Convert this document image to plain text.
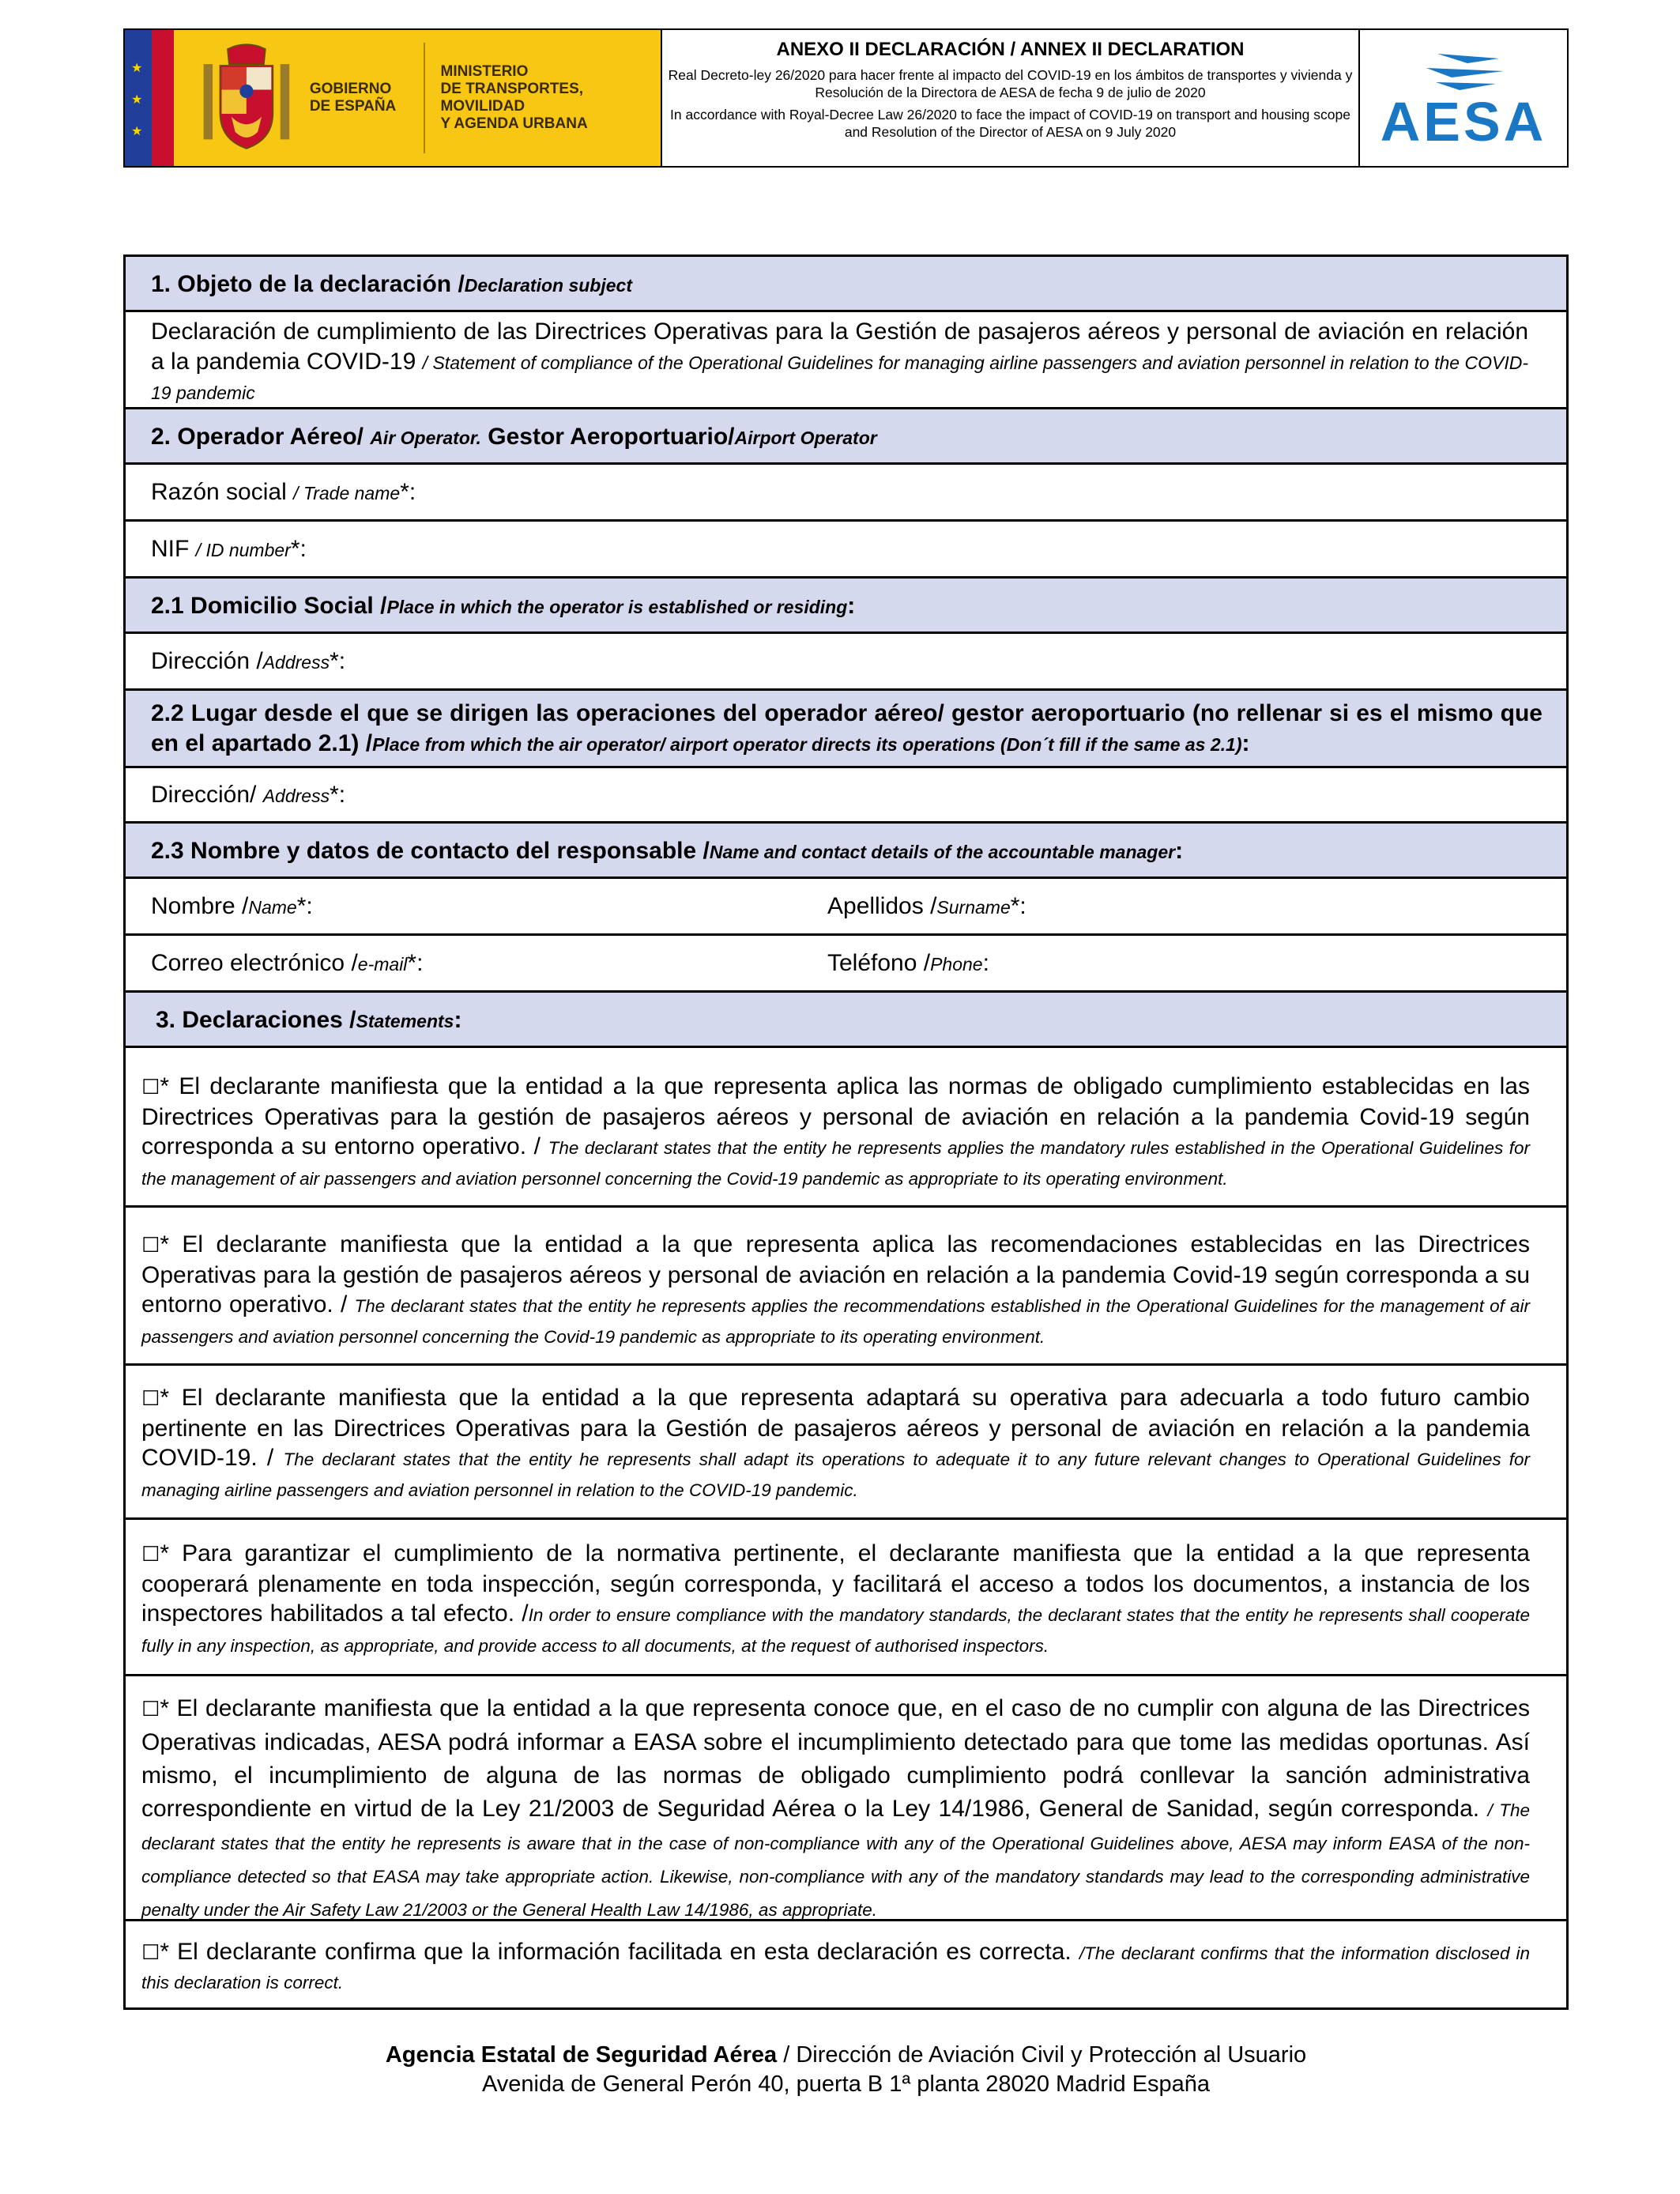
★
★
★
GOBIERNO
DE ESPAÑA
MINISTERIO
DE TRANSPORTES, MOVILIDAD
Y AGENDA URBANA
ANEXO II DECLARACIÓN / ANNEX II DECLARATION
Real Decreto-ley 26/2020 para hacer frente al impacto del COVID-19 en los ámbitos de transportes y vivienda y Resolución de la Directora de AESA de fecha 9 de julio de 2020
In accordance with Royal-Decree Law 26/2020 to face the impact of COVID-19 on transport and housing scope and Resolution of the Director of AESA on 9 July 2020	AESA
1. Objeto de la declaración /Declaration subject
Declaración de cumplimiento de las Directrices Operativas para la Gestión de pasajeros aéreos y personal de aviación en relación a la pandemia COVID-19 / Statement of compliance of the Operational Guidelines for managing airline passengers and aviation personnel in relation to the COVID-19 pandemic
2. Operador Aéreo/ Air Operator. Gestor Aeroportuario/Airport Operator
Razón social / Trade name*:
NIF / ID number*:
2.1 Domicilio Social /Place in which the operator is established or residing:
Dirección /Address*:
2.2 Lugar desde el que se dirigen las operaciones del operador aéreo/ gestor aeroportuario (no rellenar si es el mismo que en el apartado 2.1) /Place from which the air operator/ airport operator directs its operations (Don´t fill if the same as 2.1):
Dirección/ Address*:
2.3 Nombre y datos de contacto del responsable /Name and contact details of the accountable manager:
Nombre /Name*:	Apellidos /Surname*:
Correo electrónico /e-mail*:	Teléfono /Phone:
3. Declaraciones /Statements:
☐* El declarante manifiesta que la entidad a la que representa aplica las normas de obligado cumplimiento establecidas en las Directrices Operativas para la gestión de pasajeros aéreos y personal de aviación en relación a la pandemia Covid-19 según corresponda a su entorno operativo. / The declarant states that the entity he represents applies the mandatory rules established in the Operational Guidelines for the management of air passengers and aviation personnel concerning the Covid-19 pandemic as appropriate to its operating environment.
☐* El declarante manifiesta que la entidad a la que representa aplica las recomendaciones establecidas en las Directrices Operativas para la gestión de pasajeros aéreos y personal de aviación en relación a la pandemia Covid-19 según corresponda a su entorno operativo. / The declarant states that the entity he represents applies the recommendations established in the Operational Guidelines for the management of air passengers and aviation personnel concerning the Covid-19 pandemic as appropriate to its operating environment.
☐* El declarante manifiesta que la entidad a la que representa adaptará su operativa para adecuarla a todo futuro cambio pertinente en las Directrices Operativas para la Gestión de pasajeros aéreos y personal de aviación en relación a la pandemia COVID-19. / The declarant states that the entity he represents shall adapt its operations to adequate it to any future relevant changes to Operational Guidelines for managing airline passengers and aviation personnel in relation to the COVID-19 pandemic.
☐* Para garantizar el cumplimiento de la normativa pertinente, el declarante manifiesta que la entidad a la que representa cooperará plenamente en toda inspección, según corresponda, y facilitará el acceso a todos los documentos, a instancia de los inspectores habilitados a tal efecto. /In order to ensure compliance with the mandatory standards, the declarant states that the entity he represents shall cooperate fully in any inspection, as appropriate, and provide access to all documents, at the request of authorised inspectors.
☐* El declarante manifiesta que la entidad a la que representa conoce que, en el caso de no cumplir con alguna de las Directrices Operativas indicadas, AESA podrá informar a EASA sobre el incumplimiento detectado para que tome las medidas oportunas. Así mismo, el incumplimiento de alguna de las normas de obligado cumplimiento podrá conllevar la sanción administrativa correspondiente en virtud de la Ley 21/2003 de Seguridad Aérea o la Ley 14/1986, General de Sanidad, según corresponda. / The declarant states that the entity he represents is aware that in the case of non-compliance with any of the Operational Guidelines above, AESA may inform EASA of the non-compliance detected so that EASA may take appropriate action. Likewise, non-compliance with any of the mandatory standards may lead to the corresponding administrative penalty under the Air Safety Law 21/2003 or the General Health Law 14/1986, as appropriate.
☐* El declarante confirma que la información facilitada en esta declaración es correcta. /The declarant confirms that the information disclosed in this declaration is correct.
Agencia Estatal de Seguridad Aérea / Dirección de Aviación Civil y Protección al Usuario
Avenida de General Perón 40, puerta B 1ª planta 28020 Madrid España
